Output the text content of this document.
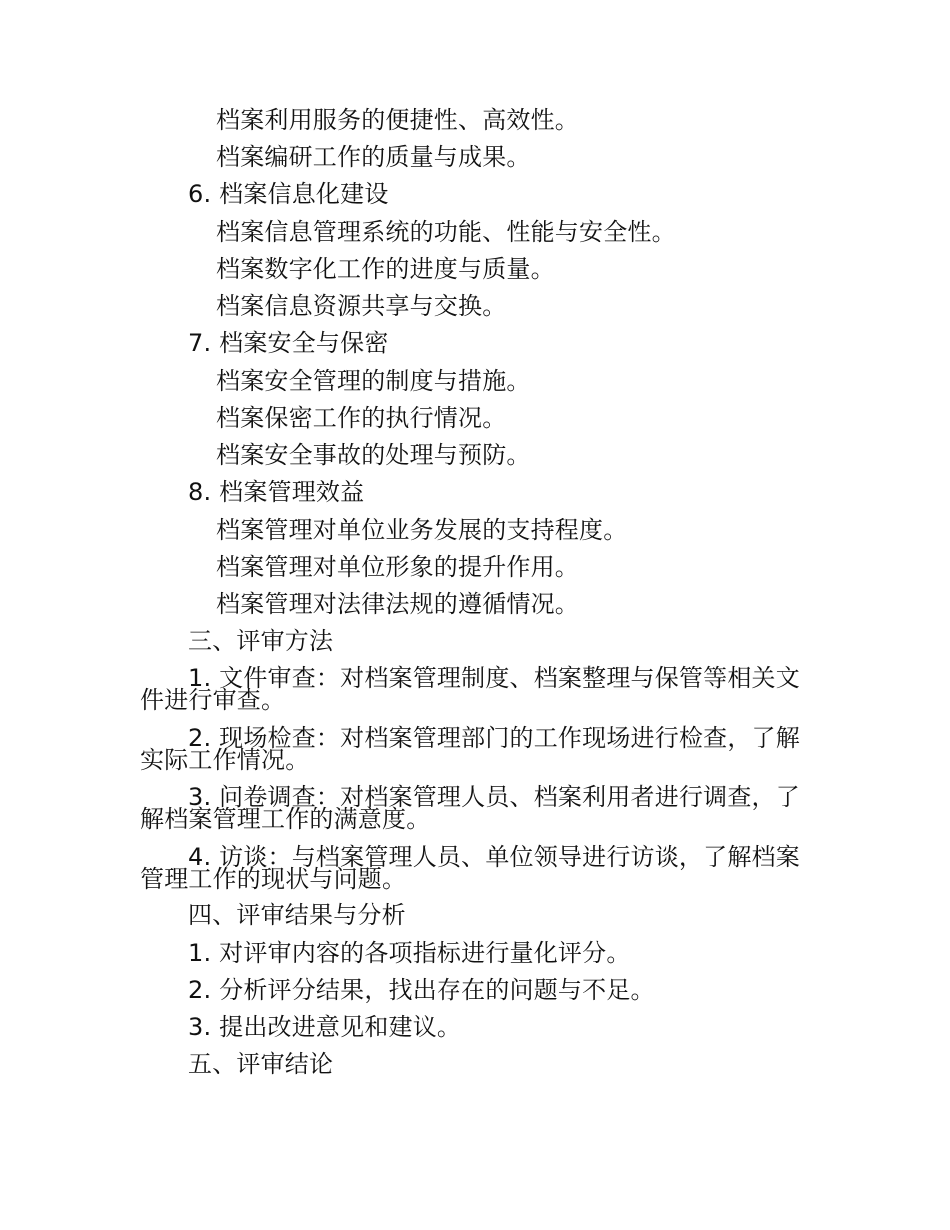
档案利用服务的便捷性、高效性。
档案编研工作的质量与成果。
6. 档案信息化建设
档案信息管理系统的功能、性能与安全性。
档案数字化工作的进度与质量。
档案信息资源共享与交换。
7. 档案安全与保密
档案安全管理的制度与措施。
档案保密工作的执行情况。
档案安全事故的处理与预防。
8. 档案管理效益
档案管理对单位业务发展的支持程度。
档案管理对单位形象的提升作用。
档案管理对法律法规的遵循情况。
三、评审方法
1. 文件审查：对档案管理制度、档案整理与保管等相关文件进行审查。
2. 现场检查：对档案管理部门的工作现场进行检查，了解实际工作情况。
3. 问卷调查：对档案管理人员、档案利用者进行调查，了解档案管理工作的满意度。
4. 访谈：与档案管理人员、单位领导进行访谈，了解档案管理工作的现状与问题。
四、评审结果与分析
1. 对评审内容的各项指标进行量化评分。
2. 分析评分结果，找出存在的问题与不足。
3. 提出改进意见和建议。
五、评审结论
